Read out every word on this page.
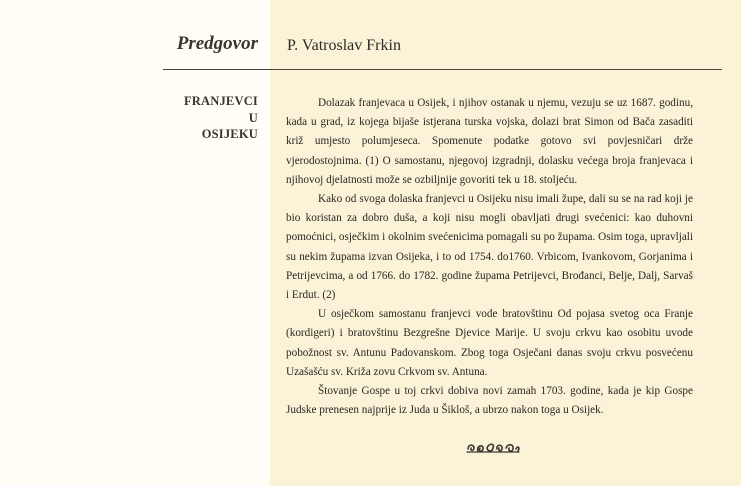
Predgovor P. Vatroslav Frkin
FRANJEVCI
U
OSIJEKU

Dolazak franjevaca u Osijek, i njihov ostanak u njemu, vezuju se uz 1687. godinu, kada u grad, iz kojega bijaše istjerana turska vojska, dolazi brat Simon od Bača zasaditi križ umjesto polumjeseca. Spomenute podatke gotovo svi povjesničari drže vjerodostojnima. (1) O samostanu, njegovoj izgradnji, dolasku većega broja franjevaca i njihovoj djelatnosti može se ozbiljnije govoriti tek u 18. stoljeću.

Kako od svoga dolaska franjevci u Osijeku nisu imali župe, dali su se na rad koji je bio koristan za dobro duša, a koji nisu mogli obavljati drugi svećenici: kao duhovni pomoćnici, osječkim i okolnim svećenicima pomagali su po župama. Osim toga, upravljali su nekim župama izvan Osijeka, i to od 1754. do1760. Vrbicom, Ivankovom, Gorjanima i Petrijevcima, a od 1766. do 1782. godine župama Petrijevci, Brođanci, Belje, Dalj, Sarvaš i Erdut. (2)

U osječkom samostanu franjevci vode bratovštinu Od pojasa svetog oca Franje (kordigeri) i bratovštinu Bezgrešne Djevice Marije. U svoju crkvu kao osobitu uvode pobožnost sv. Antunu Padovanskom. Zbog toga Osječani danas svoju crkvu posvećenu Uzašašću sv. Križa zovu Crkvom sv. Antuna.

Štovanje Gospe u toj crkvi dobiva novi zamah 1703. godine, kada je kip Gospe Judske prenesen najprije iz Juda u Šikloš, a ubrzo nakon toga u Osijek.
